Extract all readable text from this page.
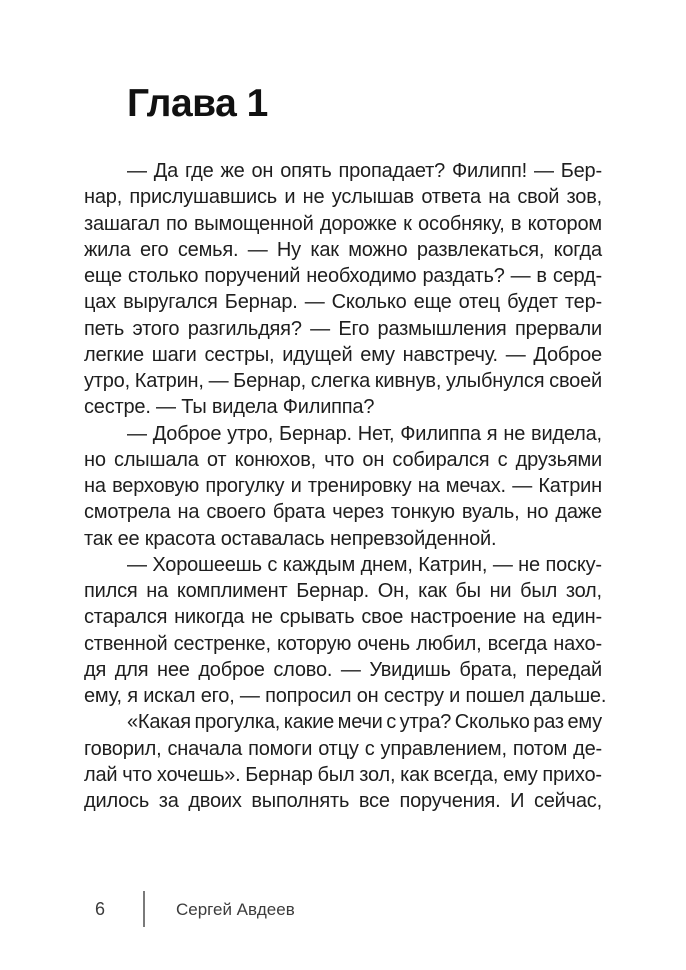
Глава 1
— Да где же он опять пропадает? Филипп! — Бер-
нар, прислушавшись и не услышав ответа на свой зов,
зашагал по вымощенной дорожке к особняку, в котором
жила его семья. — Ну как можно развлекаться, когда
еще столько поручений необходимо раздать? — в серд-
цах выругался Бернар. — Сколько еще отец будет тер-
петь этого разгильдяя? — Его размышления прервали
легкие шаги сестры, идущей ему навстречу. — Доброе
утро, Катрин, — Бернар, слегка кивнув, улыбнулся своей
сестре. — Ты видела Филиппа?
— Доброе утро, Бернар. Нет, Филиппа я не видела,
но слышала от конюхов, что он собирался с друзьями
на верховую прогулку и тренировку на мечах. — Катрин
смотрела на своего брата через тонкую вуаль, но даже
так ее красота оставалась непревзойденной.
— Хорошеешь с каждым днем, Катрин, — не поску-
пился на комплимент Бернар. Он, как бы ни был зол,
старался никогда не срывать свое настроение на един-
ственной сестренке, которую очень любил, всегда нахо-
дя для нее доброе слово. — Увидишь брата, передай
ему, я искал его, — попросил он сестру и пошел дальше.
«Какая прогулка, какие мечи с утра? Сколько раз ему
говорил, сначала помоги отцу с управлением, потом де-
лай что хочешь». Бернар был зол, как всегда, ему прихо-
дилось за двоих выполнять все поручения. И сейчас,
6	Сергей Авдеев
